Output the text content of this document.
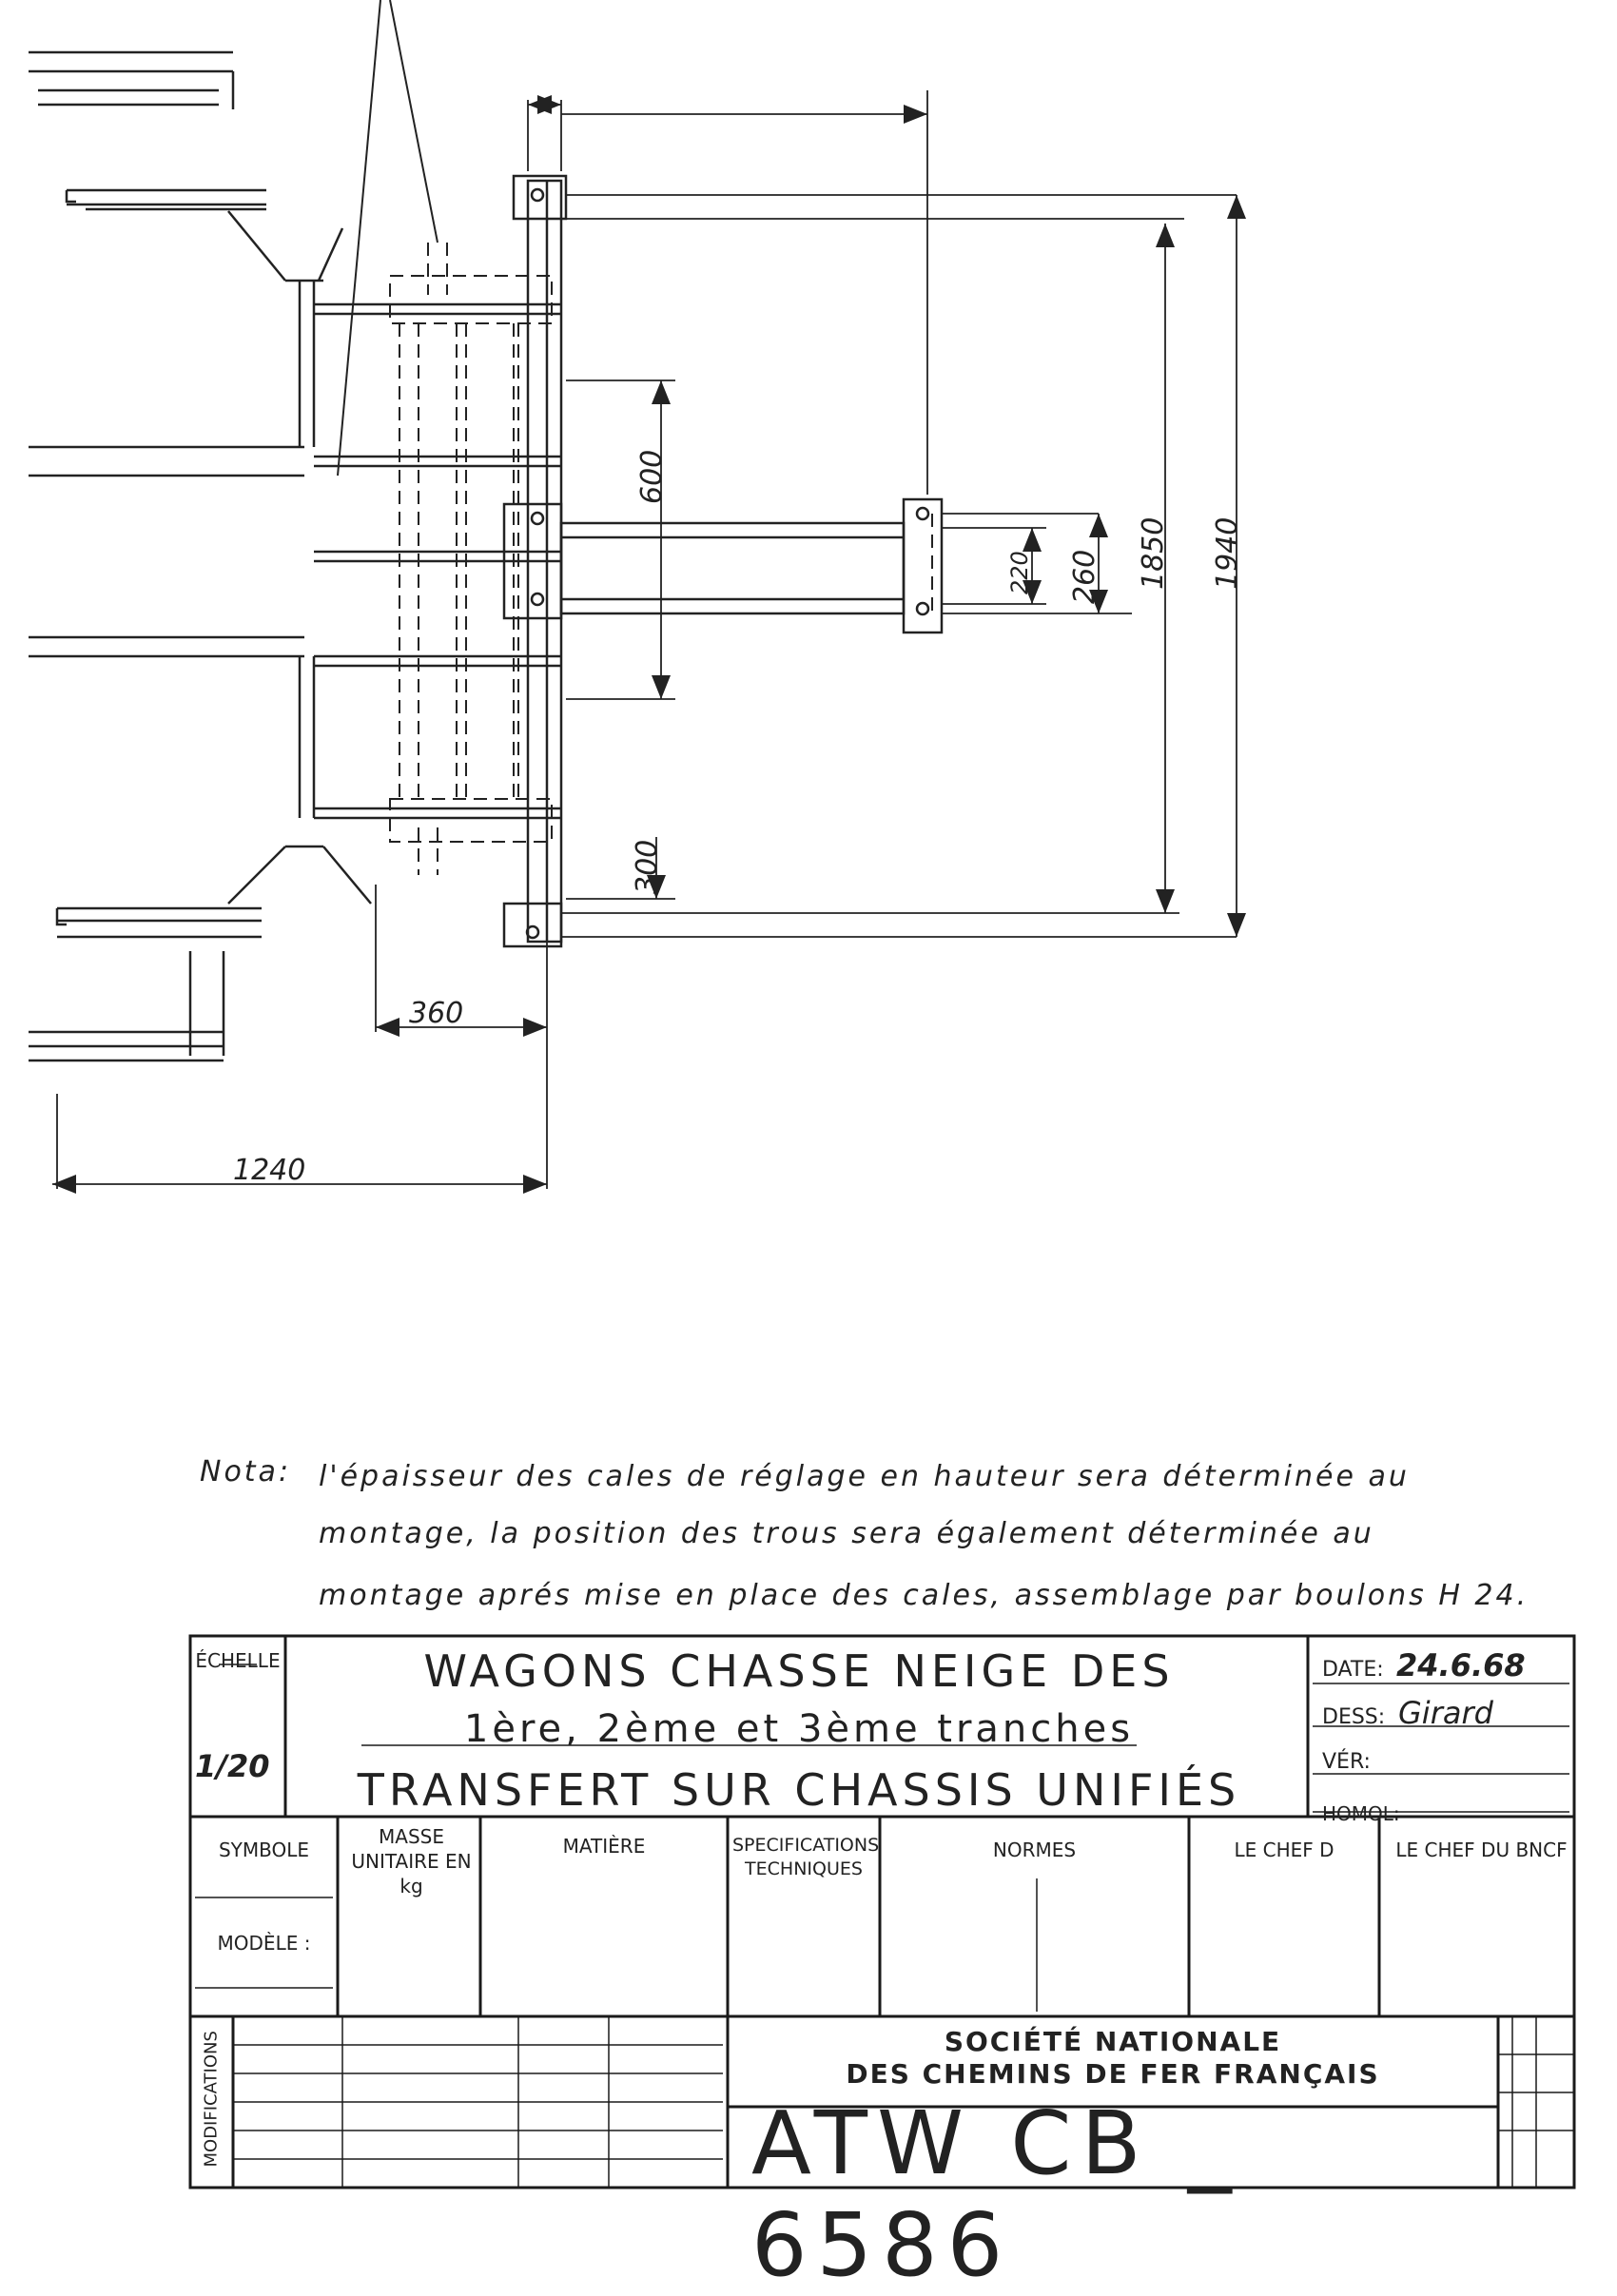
360
1240
600
300
220 260 1850 1940
Nota: l'épaisseur des cales de réglage en hauteur sera déterminée au
montage, la position des trous sera également déterminée au
montage aprés mise en place des cales, assemblage par boulons H 24.
ÉCHELLE
1/20
WAGONS CHASSE NEIGE DES
1ère, 2ème et 3ème tranches
TRANSFERT SUR CHASSIS UNIFIÉS
DATE: 24.6.68
DESS: Girard
VÉR:
HOMOL:
SYMBOLE
MODÈLE :
MASSE UNITAIRE EN kg
MATIÈRE	SPECIFICATIONS TECHNIQUES
NORMES	LE CHEF D	LE CHEF DU BNCF
MODIFICATIONS	SOCIÉTÉ NATIONALE
DES CHEMINS DE FER FRANÇAIS
ATW CB _ 6586
